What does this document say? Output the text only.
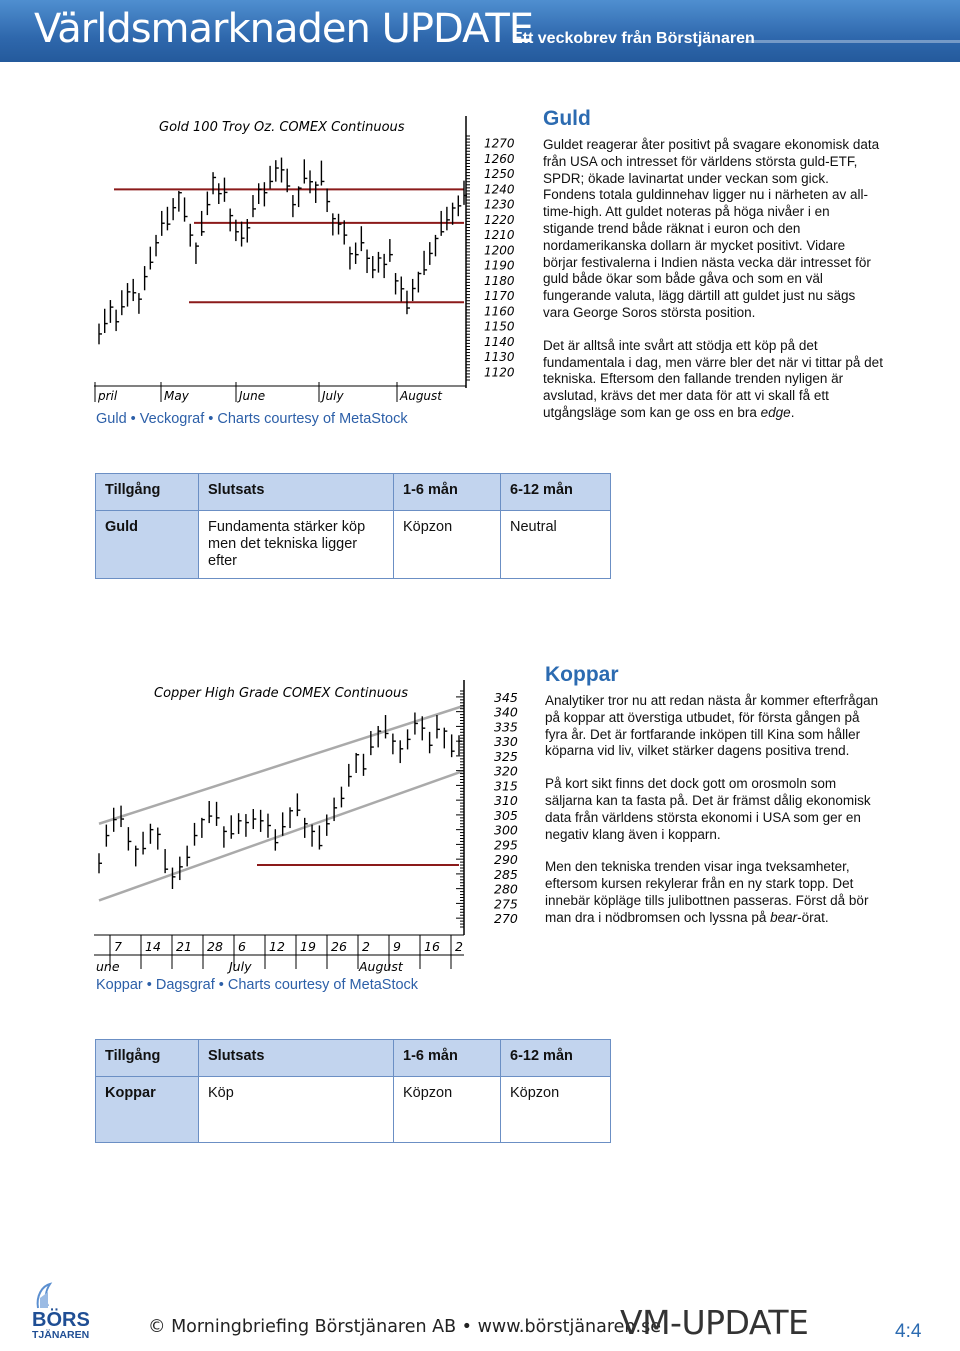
Världsmarknaden UPDATE
Ett veckobrev från Börstjänaren
Gold 100 Troy Oz. COMEX Continuous
1270
1260
1250
1240
1230
1220
1210
1200
1190
1180
1170
1160
1150
1140
1130
1120
pril	May	June	July	August
Guld • Veckograf • Charts courtesy of MetaStock
Guld

Guldet reagerar åter positivt på svagare ekonomisk data från USA och intresset för världens största guld-ETF, SPDR; ökade lavinartat under veckan som gick. Fondens totala guldinnehav ligger nu i närheten av all-time-high. Att guldet noteras på höga nivåer i en stigande trend både räknat i euron och den nordamerikanska dollarn är mycket positivt. Vidare börjar festivalerna i Indien nästa vecka där intresset för guld både ökar som både gåva och som en väl fungerande valuta, lägg därtill att guldet just nu sägs vara George Soros största position.

Det är alltså inte svårt att stödja ett köp på det fundamentala i dag, men värre bler det när vi tittar på det tekniska. Eftersom den fallande trenden nyligen är avslutad, krävs det mer data för att vi skall få ett utgångsläge som kan ge oss en bra edge.

Tillgång	Slutsats	1-6 mån	6-12 mån
Guld	Fundamenta stärker köp men det tekniska ligger efter	Köpzon	Neutral
Copper High Grade COMEX Continuous	345
340
335
330
325
320
315
310
305
300
295
290
285
280
275
270
7 14 21 28 6 12 19 26 2 9 16 2
une	July	August
Koppar • Dagsgraf • Charts courtesy of MetaStock
Koppar

Analytiker tror nu att redan nästa år kommer efterfrågan på koppar att överstiga utbudet, för första gången på fyra år. Det är fortfarande inköpen till Kina som håller köparna vid liv, vilket stärker dagens positiva trend.

På kort sikt finns det dock gott om orosmoln som säljarna kan ta fasta på. Det är främst dålig ekonomisk data från världens största ekonomi i USA som ger en negativ klang även i kopparn.

Men den tekniska trenden visar inga tveksamheter, eftersom kursen rekylerar från en ny stark topp. Det innebär köpläge tills julibottnen passeras. Först då bör man dra i nödbromsen och lyssna på bear-örat.

Tillgång	Slutsats	1-6 mån	6-12 mån
Koppar	Köp	Köpzon	Köpzon
BÖRS
TJÄNAREN	© Morningbriefing Börstjänaren AB • www.börstjänaren.se
VM-UPDATE	4:4
